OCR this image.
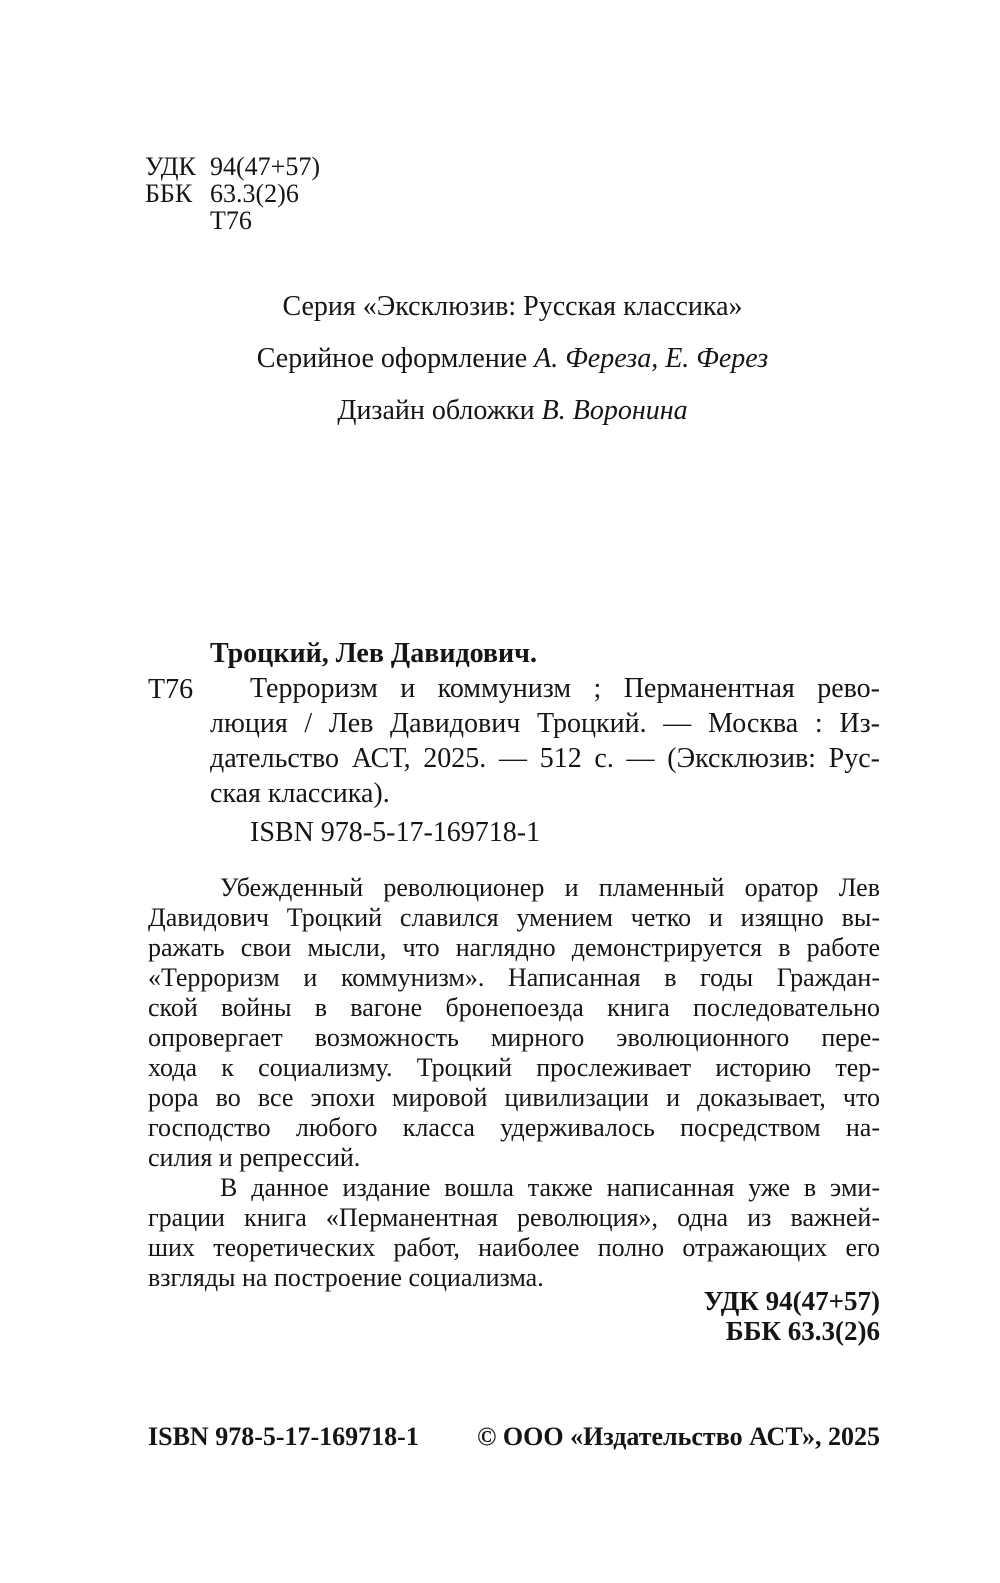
УДК 94(47+57)
ББК 63.3(2)6
Т76
Серия «Эксклюзив: Русская классика»
Серийное оформление А. Фереза, Е. Ферез
Дизайн обложки В. Воронина
Т76
Троцкий, Лев Давидович.
Терроризм и коммунизм ; Перманентная рево-
люция / Лев Давидович Троцкий. — Москва : Из-
дательство АСТ, 2025. — 512 с. — (Эксклюзив: Рус-
ская классика).
ISBN 978-5-17-169718-1
Убежденный революционер и пламенный оратор Лев
Давидович Троцкий славился умением четко и изящно вы-
ражать свои мысли, что наглядно демонстрируется в работе
«Терроризм и коммунизм». Написанная в годы Граждан-
ской войны в вагоне бронепоезда книга последовательно
опровергает возможность мирного эволюционного пере-
хода к социализму. Троцкий прослеживает историю тер-
рора во все эпохи мировой цивилизации и доказывает, что
господство любого класса удерживалось посредством на-
силия и репрессий.
В данное издание вошла также написанная уже в эми-
грации книга «Перманентная революция», одна из важней-
ших теоретических работ, наиболее полно отражающих его
взгляды на построение социализма.
УДК 94(47+57)
ББК 63.3(2)6
ISBN 978-5-17-169718-1 © ООО «Издательство АСТ», 2025
